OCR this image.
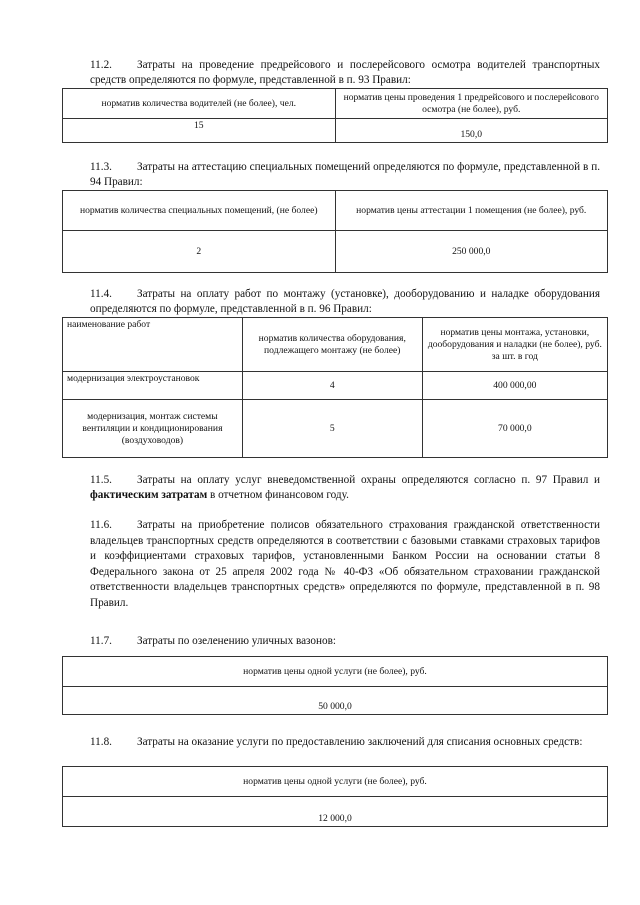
11.2. Затраты на проведение предрейсового и послерейсового осмотра водителей транспортных средств определяются по формуле, представленной в п. 93 Правил:
норматив количества водителей (не более), чел.	норматив цены проведения 1 предрейсового и послерейсового осмотра (не более), руб.
15	150,0
11.3. Затраты на аттестацию специальных помещений определяются по формуле, представленной в п. 94 Правил:
норматив количества специальных помещений, (не более)	норматив цены аттестации 1 помещения (не более), руб.
2	250 000,0
11.4. Затраты на оплату работ по монтажу (установке), дооборудованию и наладке оборудования определяются по формуле, представленной в п. 96 Правил:
наименование работ	норматив количества оборудования, подлежащего монтажу (не более)	норматив цены монтажа, установки, дооборудования и наладки (не более), руб. за шт. в год
модернизация электроустановок	4	400 000,00
модернизация, монтаж системы вентиляции и кондиционирования (воздуховодов)	5	70 000,0
11.5. Затраты на оплату услуг вневедомственной охраны определяются согласно п. 97 Правил и фактическим затратам в отчетном финансовом году.
11.6. Затраты на приобретение полисов обязательного страхования гражданской ответственности владельцев транспортных средств определяются в соответствии с базовыми ставками страховых тарифов и коэффициентами страховых тарифов, установленными Банком России на основании статьи 8 Федерального закона от 25 апреля 2002 года № 40-ФЗ «Об обязательном страховании гражданской ответственности владельцев транспортных средств» определяются по формуле, представленной в п. 98 Правил.
11.7. Затраты по озеленению уличных вазонов:
норматив цены одной услуги (не более), руб.
50 000,0
11.8. Затраты на оказание услуги по предоставлению заключений для списания основных средств:
норматив цены одной услуги (не более), руб.
12 000,0
